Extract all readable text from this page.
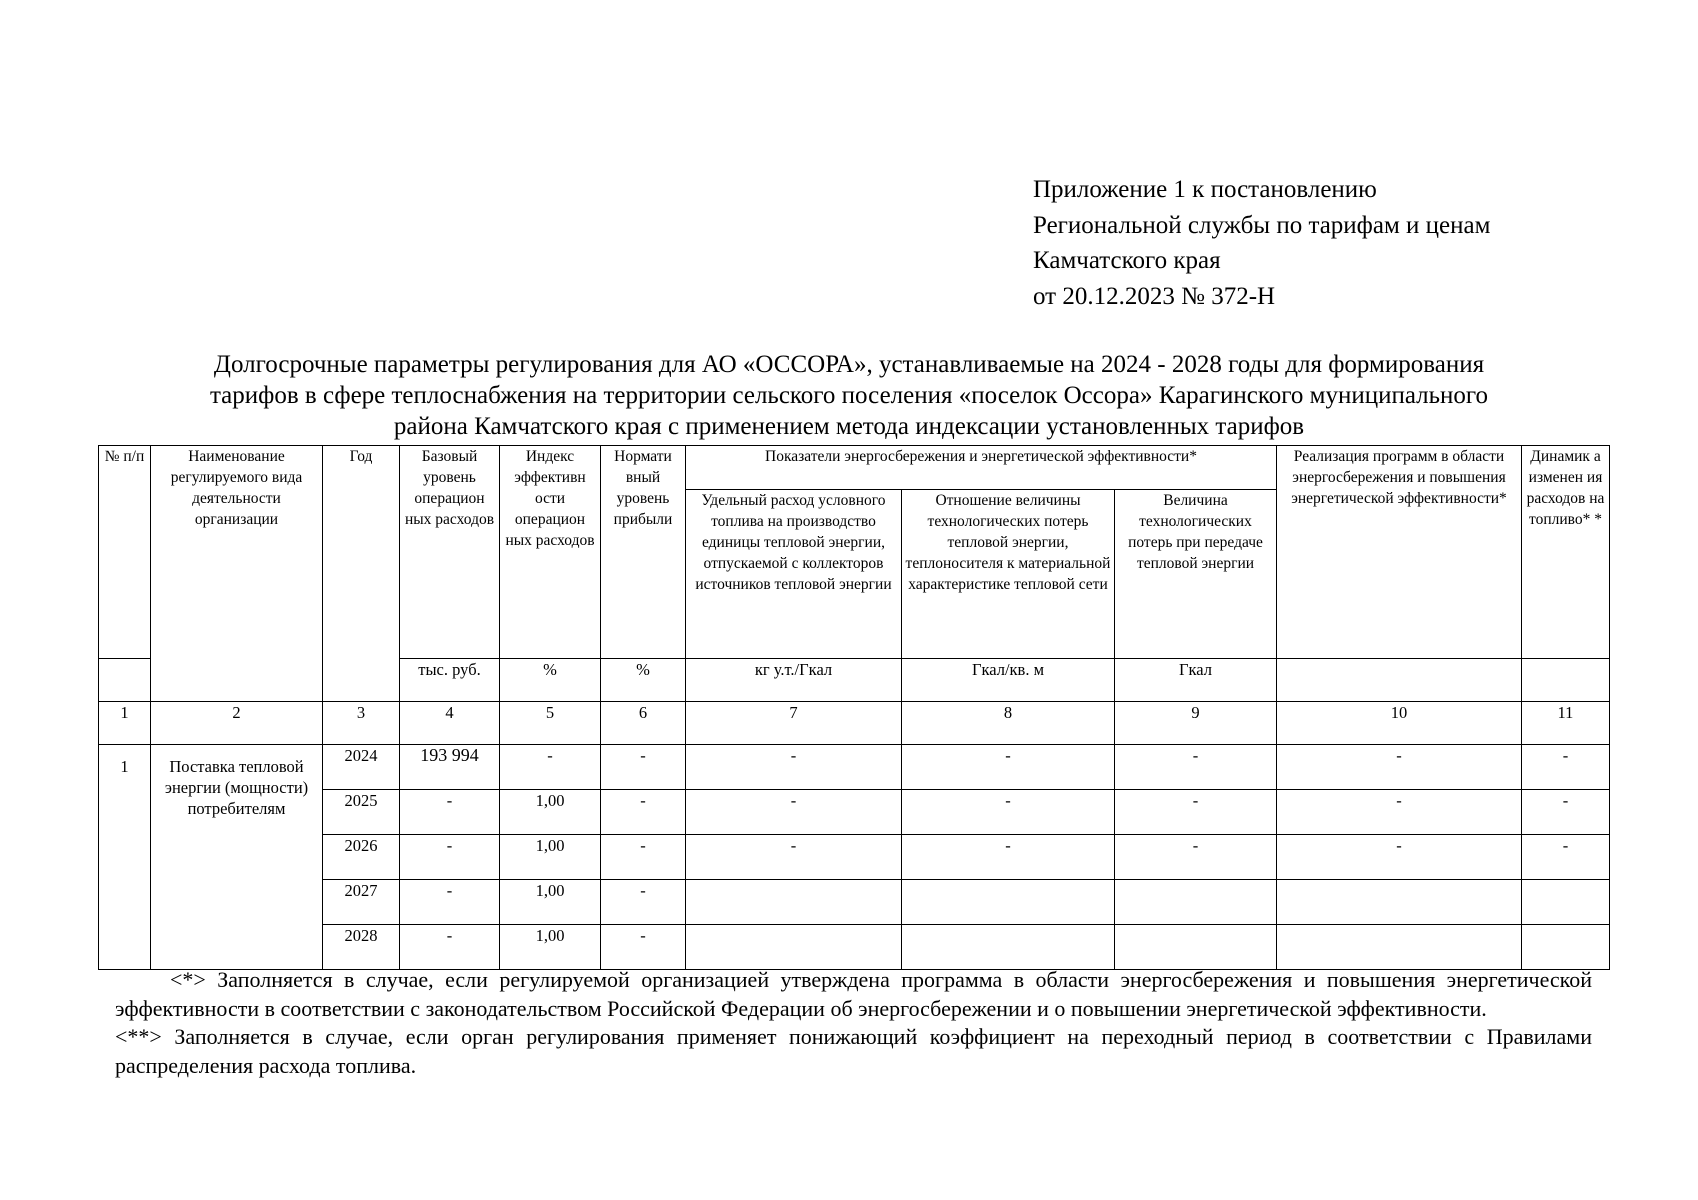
Приложение 1 к постановлению
Региональной службы по тарифам и ценам
Камчатского края
от 20.12.2023 № 372-Н
Долгосрочные параметры регулирования для АО «ОССОРА», устанавливаемые на 2024 - 2028 годы для формирования
тарифов в сфере теплоснабжения на территории сельского поселения «поселок Оссора» Карагинского муниципального
района Камчатского края с применением метода индексации установленных тарифов
№ п/п	Наименование регулируемого вида деятельности организации	Год	Базовый уровень операцион ных расходов	Индекс эффективн ости операцион ных расходов	Нормати вный уровень прибыли	Показатели энергосбережения и энергетической эффективности*			Реализация программ в области энергосбережения и повышения энергетической эффективности*	Динамик а изменен ия расходов на топливо* *
						Удельный расход условного топлива на производство единицы тепловой энергии, отпускаемой с коллекторов источников тепловой энергии	Отношение величины технологических потерь тепловой энергии, теплоносителя к материальной характеристике тепловой сети	Величина технологических потерь при передаче тепловой энергии		
			тыс. руб.	%	%	кг у.т./Гкал	Гкал/кв. м	Гкал		
1	2	3	4	5	6	7	8	9	10	11
1	Поставка тепловой энергии (мощности) потребителям	2024	193 994	-	-	-	-	-	-	-
		2025	-	1,00	-	-	-	-	-	-
		2026	-	1,00	-	-	-	-	-	-
		2027	-	1,00	-					
		2028	-	1,00	-					

<*> Заполняется в случае, если регулируемой организацией утверждена программа в области энергосбережения и повышения энергетической эффективности в соответствии с законодательством Российской Федерации об энергосбережении и о повышении энергетической эффективности.

<**> Заполняется в случае, если орган регулирования применяет понижающий коэффициент на переходный период в соответствии с Правилами распределения расхода топлива.
